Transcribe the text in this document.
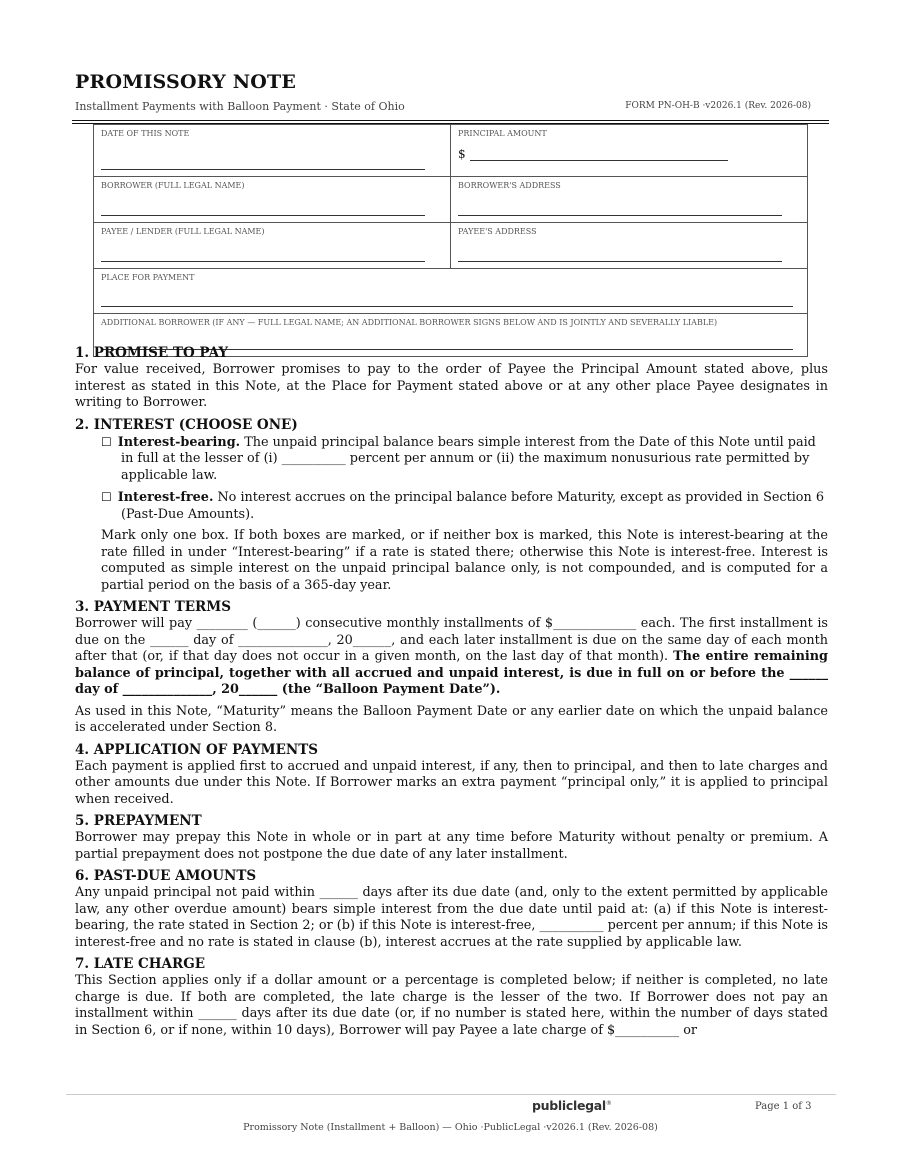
PROMISSORY NOTE
Installment Payments with Balloon Payment · State of Ohio	FORM PN-OH-B ·v2026.1 (Rev. 2026-08)
DATE OF THIS NOTE	PRINCIPAL AMOUNT
$
BORROWER (FULL LEGAL NAME)	BORROWER'S ADDRESS
PAYEE / LENDER (FULL LEGAL NAME)	PAYEE'S ADDRESS
PLACE FOR PAYMENT
ADDITIONAL BORROWER (IF ANY — FULL LEGAL NAME; AN ADDITIONAL BORROWER SIGNS BELOW AND IS JOINTLY AND SEVERALLY LIABLE)
1. PROMISE TO PAY

For value received, Borrower promises to pay to the order of Payee the Principal Amount stated above, plus interest as stated in this Note, at the Place for Payment stated above or at any other place Payee designates in writing to Borrower.

2. INTEREST (CHOOSE ONE)
☐ Interest-bearing. The unpaid principal balance bears simple interest from the Date of this Note until paid in full at the lesser of (i) __________ percent per annum or (ii) the maximum nonusurious rate permitted by applicable law.
☐ Interest-free. No interest accrues on the principal balance before Maturity, except as provided in Section 6 (Past-Due Amounts).

Mark only one box. If both boxes are marked, or if neither box is marked, this Note is interest-bearing at the rate filled in under “Interest-bearing” if a rate is stated there; otherwise this Note is interest-free. Interest is computed as simple interest on the unpaid principal balance only, is not compounded, and is computed for a partial period on the basis of a 365-day year.

3. PAYMENT TERMS

Borrower will pay ________ (______) consecutive monthly installments of $_____________ each. The first installment is due on the ______ day of ______________, 20______, and each later installment is due on the same day of each month after that (or, if that day does not occur in a given month, on the last day of that month). The entire remaining balance of principal, together with all accrued and unpaid interest, is due in full on or before the ______ day of ______________, 20______ (the “Balloon Payment Date”).

As used in this Note, “Maturity” means the Balloon Payment Date or any earlier date on which the unpaid balance is accelerated under Section 8.

4. APPLICATION OF PAYMENTS

Each payment is applied first to accrued and unpaid interest, if any, then to principal, and then to late charges and other amounts due under this Note. If Borrower marks an extra payment “principal only,” it is applied to principal when received.

5. PREPAYMENT

Borrower may prepay this Note in whole or in part at any time before Maturity without penalty or premium. A partial prepayment does not postpone the due date of any later installment.

6. PAST-DUE AMOUNTS

Any unpaid principal not paid within ______ days after its due date (and, only to the extent permitted by applicable law, any other overdue amount) bears simple interest from the due date until paid at: (a) if this Note is interest-bearing, the rate stated in Section 2; or (b) if this Note is interest-free, __________ percent per annum; if this Note is interest-free and no rate is stated in clause (b), interest accrues at the rate supplied by applicable law.

7. LATE CHARGE

This Section applies only if a dollar amount or a percentage is completed below; if neither is completed, no late charge is due. If both are completed, the late charge is the lesser of the two. If Borrower does not pay an installment within ______ days after its due date (or, if no number is stated here, within the number of days stated in Section 6, or if none, within 10 days), Borrower will pay Payee a late charge of $__________ or

publiclegal®	Page 1 of 3
Promissory Note (Installment + Balloon) — Ohio ·PublicLegal ·v2026.1 (Rev. 2026-08)
